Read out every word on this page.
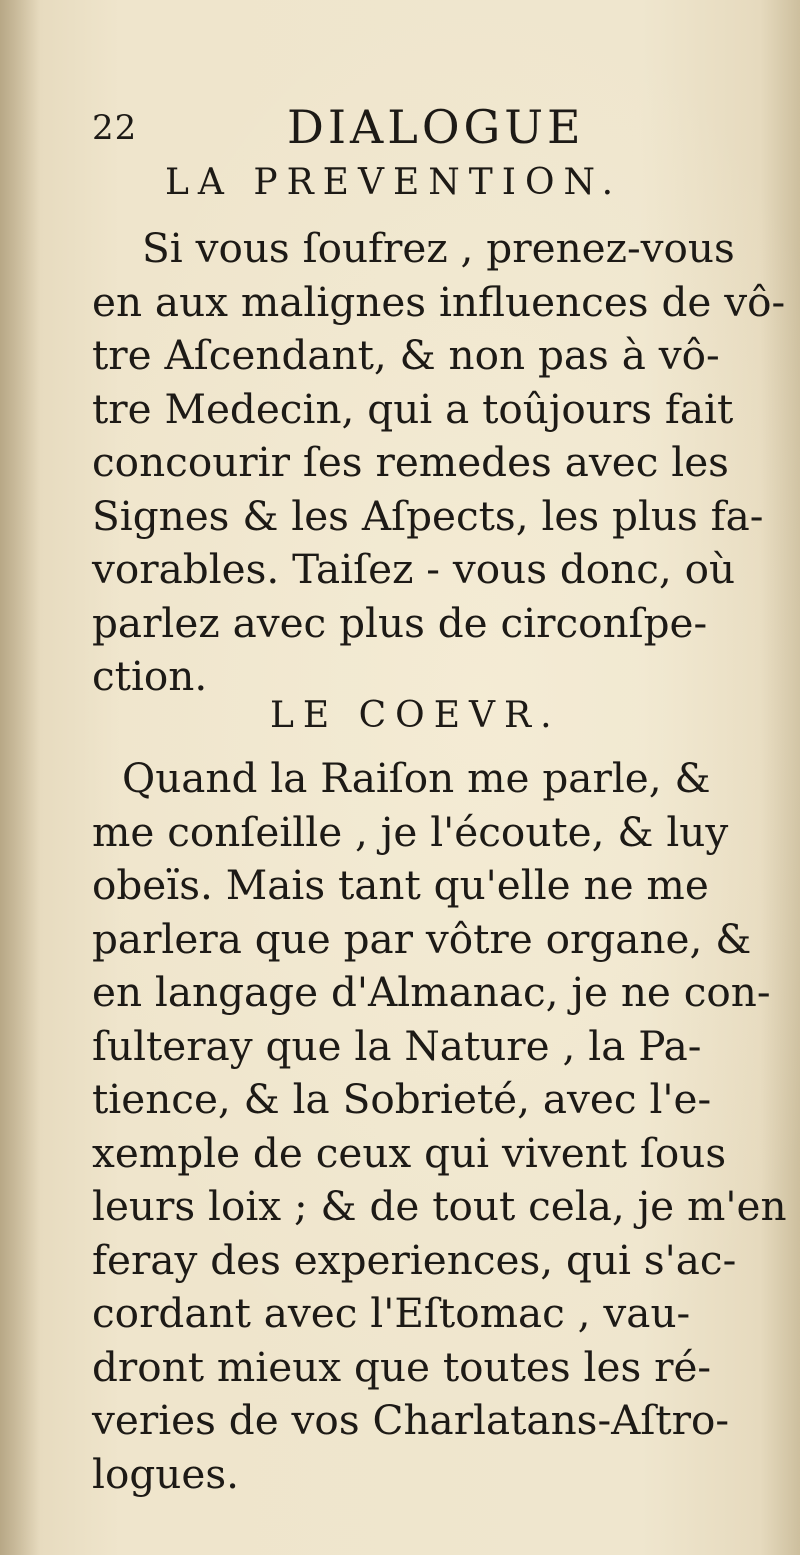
22	DIALOGUE
LA PREVENTION.
Si vous ſoufrez , prenez-vous
en aux malignes influences de vô-
tre Aſcendant, & non pas à vô-
tre Medecin, qui a toûjours fait
concourir ſes remedes avec les
Signes & les Aſpects, les plus fa-
vorables. Taiſez - vous donc, où
parlez avec plus de circonſpe-
ction.
LE COEVR.
Quand la Raiſon me parle, &
me conſeille , je l'écoute, & luy
obeïs. Mais tant qu'elle ne me
parlera que par vôtre organe, &
en langage d'Almanac, je ne con-
ſulteray que la Nature , la Pa-
tience, & la Sobrieté, avec l'e-
xemple de ceux qui vivent ſous
leurs loix ; & de tout cela, je m'en
feray des experiences, qui s'ac-
cordant avec l'Eſtomac , vau-
dront mieux que toutes les ré-
veries de vos Charlatans-Aſtro-
logues.
